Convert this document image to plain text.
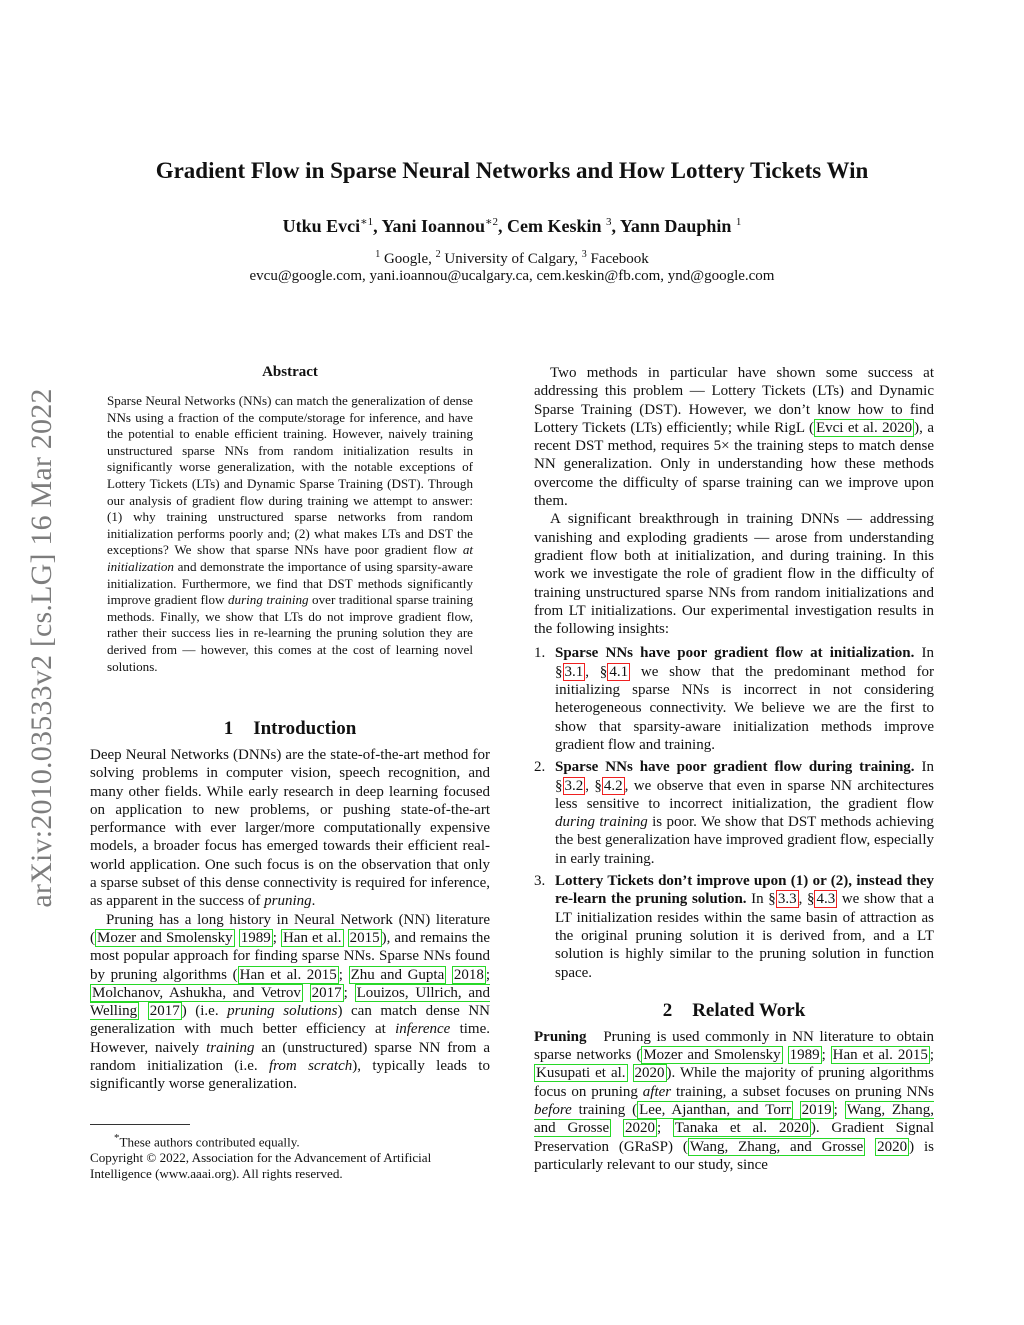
arXiv:2010.03533v2 [cs.LG] 16 Mar 2022
Gradient Flow in Sparse Neural Networks and How Lottery Tickets Win
Utku Evci$^{∗1}$, Yani Ioannou$^{∗2}$, Cem Keskin $^3$, Yann Dauphin $^1$
$^1$ Google, $^2$ University of Calgary, $^3$ Facebook
evcu@google.com, yani.ioannou@ucalgary.ca, cem.keskin@fb.com, ynd@google.com
Abstract
Sparse Neural Networks (NNs) can match the generalization of dense NNs using a fraction of the compute/storage for inference, and have the potential to enable efficient training. However, naively training unstructured sparse NNs from random initialization results in significantly worse generalization, with the notable exceptions of Lottery Tickets (LTs) and Dynamic Sparse Training (DST). Through our analysis of gradient flow during training we attempt to answer: (1) why training unstructured sparse networks from random initialization performs poorly and; (2) what makes LTs and DST the exceptions? We show that sparse NNs have poor gradient flow at initialization and demonstrate the importance of using sparsity-aware initialization. Furthermore, we find that DST methods significantly improve gradient flow during training over traditional sparse training methods. Finally, we show that LTs do not improve gradient flow, rather their success lies in re-learning the pruning solution they are derived from — however, this comes at the cost of learning novel solutions.
1 Introduction

Deep Neural Networks (DNNs) are the state-of-the-art method for solving problems in computer vision, speech recognition, and many other fields. While early research in deep learning focused on application to new problems, or pushing state-of-the-art performance with ever larger/more computationally expensive models, a broader focus has emerged towards their efficient real-world application. One such focus is on the observation that only a sparse subset of this dense connectivity is required for inference, as apparent in the success of pruning.

Pruning has a long history in Neural Network (NN) literature ( Mozer and Smolensky 1989 ; Han et al. 2015 ), and remains the most popular approach for finding sparse NNs. Sparse NNs found by pruning algorithms ( Han et al. 2015 ; Zhu and Gupta 2018 ; Molchanov, Ashukha, and Vetrov 2017 ; Louizos, Ullrich, and Welling 2017 ) (i.e. pruning solutions) can match dense NN generalization with much better efficiency at inference time. However, naively training an (unstructured) sparse NN from a random initialization (i.e. from scratch), typically leads to significantly worse generalization.

*These authors contributed equally.
Copyright © 2022, Association for the Advancement of Artificial Intelligence (www.aaai.org). All rights reserved.

Two methods in particular have shown some success at addressing this problem — Lottery Tickets (LTs) and Dynamic Sparse Training (DST). However, we don’t know how to find Lottery Tickets (LTs) efficiently; while RigL ( Evci et al. 2020 ), a recent DST method, requires 5× the training steps to match dense NN generalization. Only in understanding how these methods overcome the difficulty of sparse training can we improve upon them.

A significant breakthrough in training DNNs — addressing vanishing and exploding gradients — arose from understanding gradient flow both at initialization, and during training. In this work we investigate the role of gradient flow in the difficulty of training unstructured sparse NNs from random initializations and from LT initializations. Our experimental investigation results in the following insights:

1. Sparse NNs have poor gradient flow at initialization. In § 3.1 , § 4.1 we show that the predominant method for initializing sparse NNs is incorrect in not considering heterogeneous connectivity. We believe we are the first to show that sparsity-aware initialization methods improve gradient flow and training.
2. Sparse NNs have poor gradient flow during training. In § 3.2 , § 4.2 , we observe that even in sparse NN architectures less sensitive to incorrect initialization, the gradient flow during training is poor. We show that DST methods achieving the best generalization have improved gradient flow, especially in early training.
3. Lottery Tickets don’t improve upon (1) or (2), instead they re-learn the pruning solution. In § 3.3 , § 4.3 we show that a LT initialization resides within the same basin of attraction as the original pruning solution it is derived from, and a LT solution is highly similar to the pruning solution in function space.
2 Related Work

Pruning   Pruning is used commonly in NN literature to obtain sparse networks ( Mozer and Smolensky 1989 ; Han et al. 2015 ; Kusupati et al. 2020 ). While the majority of pruning algorithms focus on pruning after training, a subset focuses on pruning NNs before training ( Lee, Ajanthan, and Torr 2019 ; Wang, Zhang, and Grosse 2020 ; Tanaka et al. 2020 ). Gradient Signal Preservation (GRaSP) ( Wang, Zhang, and Grosse 2020 ) is particularly relevant to our study, since
